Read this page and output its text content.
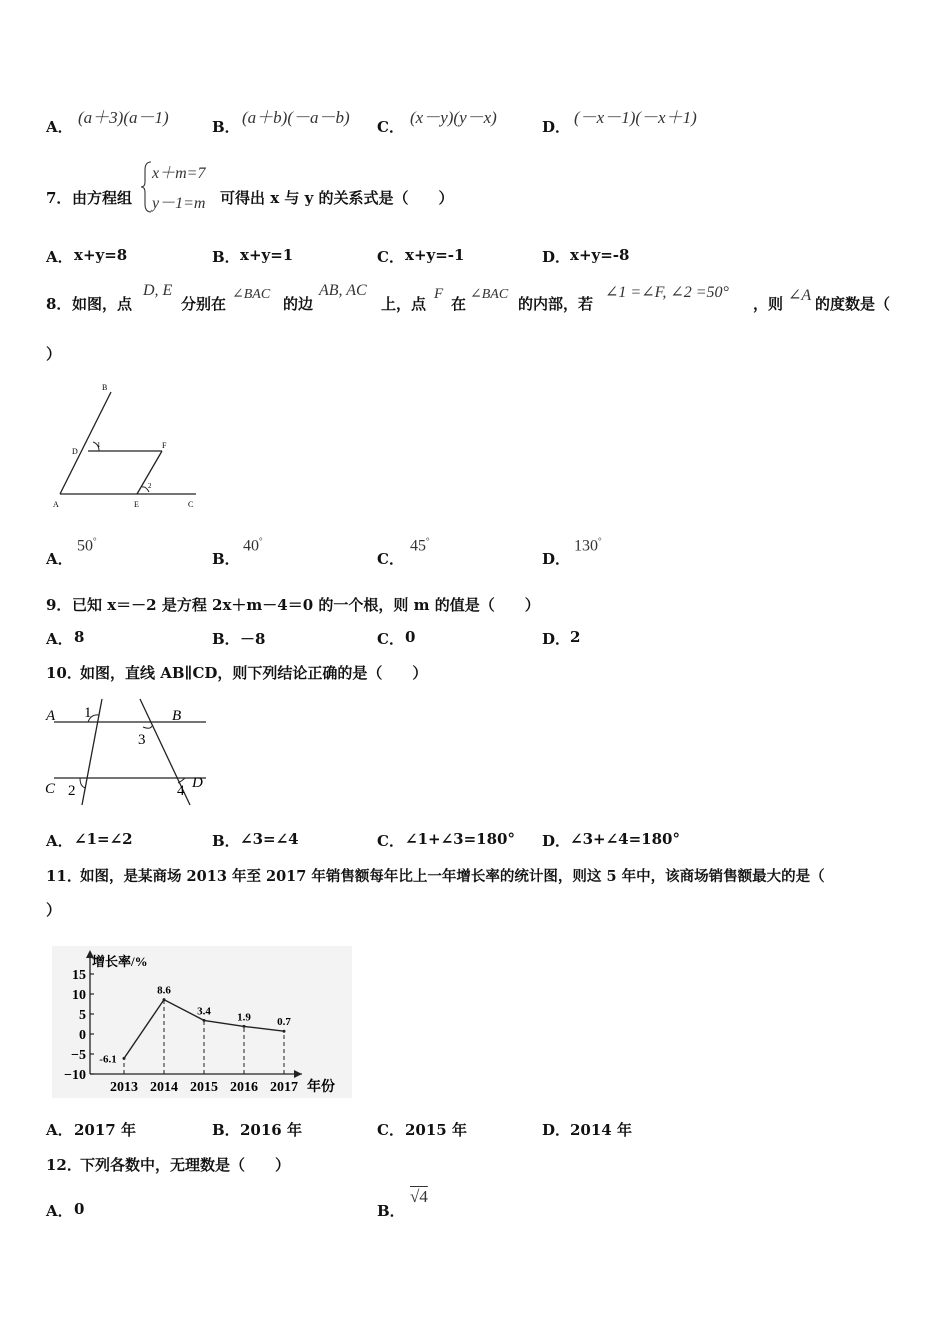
A． (a＋3)(a－1)	B． (a＋b)(－a－b) C． (x－y)(y－x)	D． (－x－1)(－x＋1)
7． 由方程组
x＋m=7
y－1=m 可得出 x 与 y 的关系式是（　　）
A． x+y=8	B． x+y=1	C． x+y=-1	D． x+y=-8
8． 如图，点
D, E
分别在
∠BAC
的边
AB, AC
上，点
F
在
∠BAC
的内部，若
∠1 =∠F, ∠2 =50°
，则 ∠A 的度数是（
）
B
D
1	F
2
A	E	C
A．
50°
B．
40°
C．
45°
D．
130°
9． 已知 x＝－2 是方程 2x＋m－4＝0 的一个根，则 m 的值是（　　）
A． 8	B． －8	C． 0	D． 2
10．
如图，直线 AB∥CD，则下列结论正确的是（　　）
A 1	B
3
C 2	4 D
A． ∠1=∠2	B． ∠3=∠4	C． ∠1+∠3=180° D． ∠3+∠4=180°
11．
如图，是某商场 2013 年至 2017 年销售额每年比上一年增长率的统计图，则这 5 年中，该商场销售额最大的是（
）
增长率/%
年份
15
10
5
0
−5
−10
2013 2014 2015 2016 2017
-6.1
8.6
3.4 1.9 0.7
A． 2017 年	B． 2016 年	C． 2015 年	D． 2014 年
12．
下列各数中，无理数是（　　）
A． 0	B．
√4
